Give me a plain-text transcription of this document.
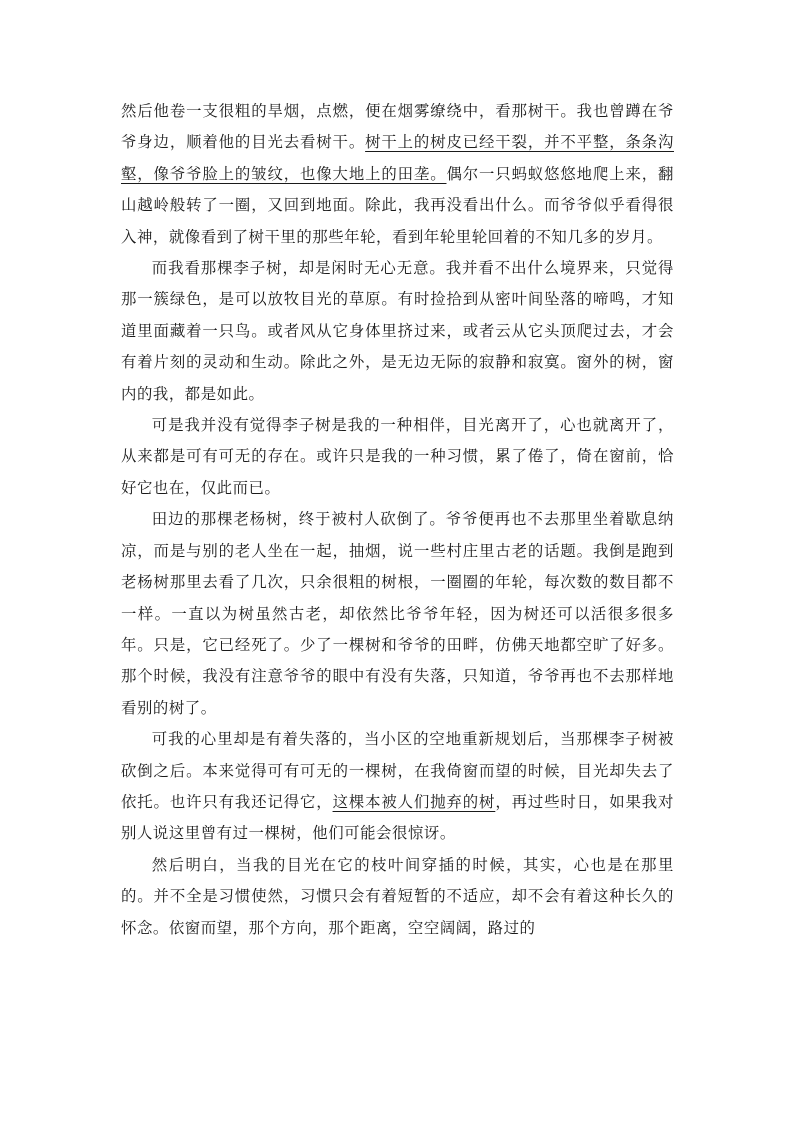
然后他卷一支很粗的旱烟，点燃，便在烟雾缭绕中，看那树干。我也曾蹲在爷爷身边，顺着他的目光去看树干。树干上的树皮已经干裂，并不平整，条条沟壑，像爷爷脸上的皱纹，也像大地上的田垄。偶尔一只蚂蚁悠悠地爬上来，翻山越岭般转了一圈，又回到地面。除此，我再没看出什么。而爷爷似乎看得很入神，就像看到了树干里的那些年轮，看到年轮里轮回着的不知几多的岁月。

而我看那棵李子树，却是闲时无心无意。我并看不出什么境界来，只觉得那一簇绿色，是可以放牧目光的草原。有时捡拾到从密叶间坠落的啼鸣，才知道里面藏着一只鸟。或者风从它身体里挤过来，或者云从它头顶爬过去，才会有着片刻的灵动和生动。除此之外，是无边无际的寂静和寂寞。窗外的树，窗内的我，都是如此。

可是我并没有觉得李子树是我的一种相伴，目光离开了，心也就离开了，从来都是可有可无的存在。或许只是我的一种习惯，累了倦了，倚在窗前，恰好它也在，仅此而已。

田边的那棵老杨树，终于被村人砍倒了。爷爷便再也不去那里坐着歇息纳凉，而是与别的老人坐在一起，抽烟，说一些村庄里古老的话题。我倒是跑到老杨树那里去看了几次，只余很粗的树根，一圈圈的年轮，每次数的数目都不一样。一直以为树虽然古老，却依然比爷爷年轻，因为树还可以活很多很多年。只是，它已经死了。少了一棵树和爷爷的田畔，仿佛天地都空旷了好多。那个时候，我没有注意爷爷的眼中有没有失落，只知道，爷爷再也不去那样地看别的树了。

可我的心里却是有着失落的，当小区的空地重新规划后，当那棵李子树被砍倒之后。本来觉得可有可无的一棵树，在我倚窗而望的时候，目光却失去了依托。也许只有我还记得它，这棵本被人们抛弃的树，再过些时日，如果我对别人说这里曾有过一棵树，他们可能会很惊讶。

然后明白，当我的目光在它的枝叶间穿插的时候，其实，心也是在那里的。并不全是习惯使然，习惯只会有着短暂的不适应，却不会有着这种长久的怀念。依窗而望，那个方向，那个距离，空空阔阔，路过的
